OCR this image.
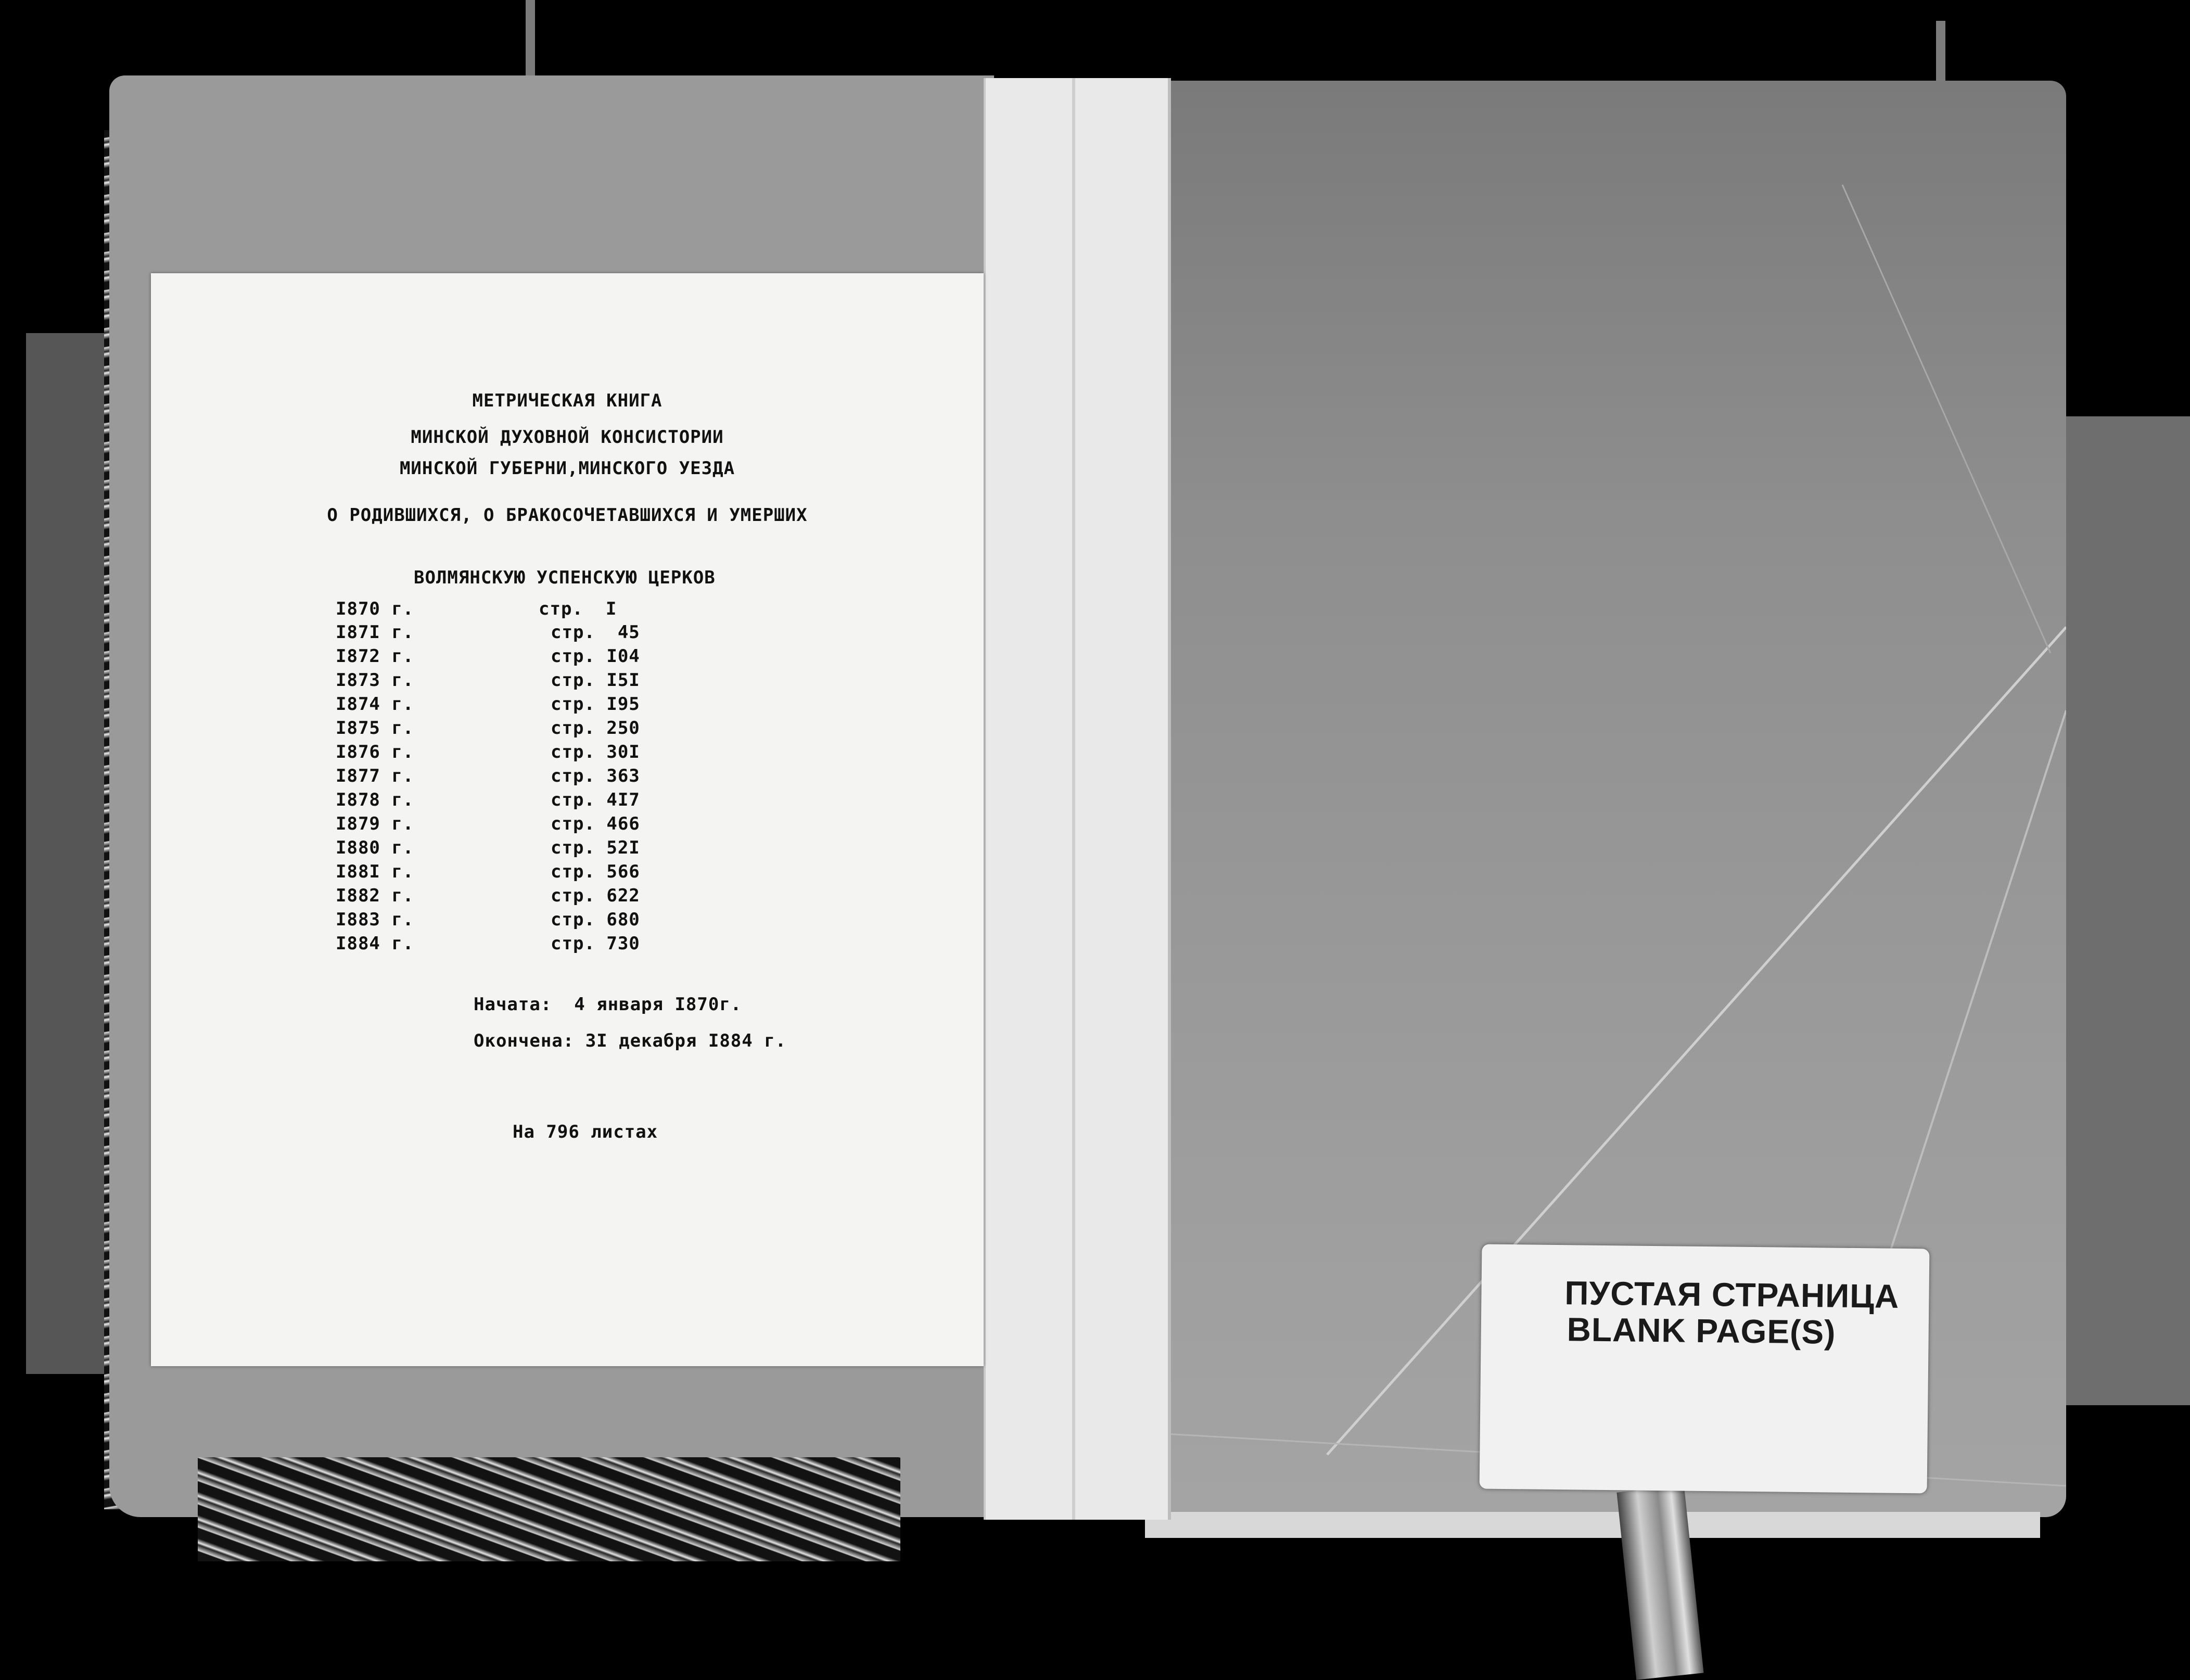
МЕТРИЧЕСКАЯ КНИГА
МИНСКОЙ ДУХОВНОЙ КОНСИСТОРИИ
МИНСКОЙ ГУБЕРНИ,МИНСКОГО УЕЗДА
О РОДИВШИХСЯ, О БРАКОСОЧЕТАВШИХСЯ И УМЕРШИХ
ВОЛМЯНСКУЮ УСПЕНСКУЮ ЦЕРКОВ
I870 г.	стр.  I
I87I г.	стр.  45
I872 г.	стр. I04
I873 г.	стр. I5I
I874 г.	стр. I95
I875 г.	стр. 250
I876 г.	стр. 30I
I877 г.	стр. 363
I878 г.	стр. 4I7
I879 г.	стр. 466
I880 г.	стр. 52I
I88I г.	стр. 566
I882 г.	стр. 622
I883 г.	стр. 680
I884 г.	стр. 730
Начата:  4 января I870г.
Окончена: 3I декабря I884 г.
На 796 листах
ПУСТАЯ СТРАНИЦА
BLANK PAGE(S)
